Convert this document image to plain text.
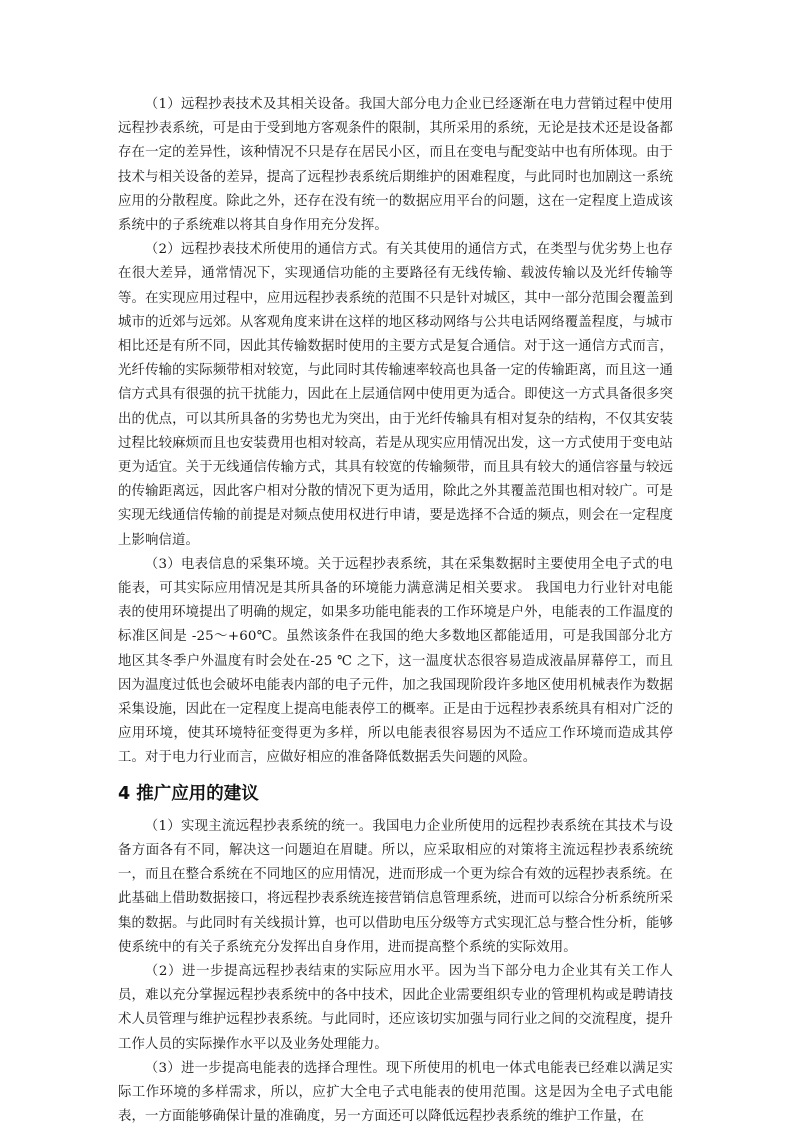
（1）远程抄表技术及其相关设备。我国大部分电力企业已经逐渐在电力营销过程中使用远程抄表系统，可是由于受到地方客观条件的限制，其所采用的系统，无论是技术还是设备都存在一定的差异性，该种情况不只是存在居民小区，而且在变电与配变站中也有所体现。由于技术与相关设备的差异，提高了远程抄表系统后期维护的困难程度，与此同时也加剧这一系统应用的分散程度。除此之外，还存在没有统一的数据应用平台的问题，这在一定程度上造成该系统中的子系统难以将其自身作用充分发挥。

（2）远程抄表技术所使用的通信方式。有关其使用的通信方式，在类型与优劣势上也存在很大差异，通常情况下，实现通信功能的主要路径有无线传输、载波传输以及光纤传输等等。在实现应用过程中，应用远程抄表系统的范围不只是针对城区，其中一部分范围会覆盖到城市的近郊与远郊。从客观角度来讲在这样的地区移动网络与公共电话网络覆盖程度，与城市相比还是有所不同，因此其传输数据时使用的主要方式是复合通信。对于这一通信方式而言，光纤传输的实际频带相对较宽，与此同时其传输速率较高也具备一定的传输距离，而且这一通信方式具有很强的抗干扰能力，因此在上层通信网中使用更为适合。即使这一方式具备很多突出的优点，可以其所具备的劣势也尤为突出，由于光纤传输具有相对复杂的结构，不仅其安装过程比较麻烦而且也安装费用也相对较高，若是从现实应用情况出发，这一方式使用于变电站更为适宜。关于无线通信传输方式，其具有较宽的传输频带，而且具有较大的通信容量与较远的传输距离远，因此客户相对分散的情况下更为适用，除此之外其覆盖范围也相对较广。可是实现无线通信传输的前提是对频点使用权进行申请，要是选择不合适的频点，则会在一定程度上影响信道。

（3）电表信息的采集环境。关于远程抄表系统，其在采集数据时主要使用全电子式的电能表，可其实际应用情况是其所具备的环境能力满意满足相关要求。 我国电力行业针对电能表的使用环境提出了明确的规定，如果多功能电能表的工作环境是户外，电能表的工作温度的标准区间是 -25～+60℃。虽然该条件在我国的绝大多数地区都能适用，可是我国部分北方地区其冬季户外温度有时会处在-25 ℃ 之下，这一温度状态很容易造成液晶屏幕停工，而且因为温度过低也会破坏电能表内部的电子元件，加之我国现阶段许多地区使用机械表作为数据采集设施，因此在一定程度上提高电能表停工的概率。正是由于远程抄表系统具有相对广泛的应用环境，使其环境特征变得更为多样，所以电能表很容易因为不适应工作环境而造成其停工。对于电力行业而言，应做好相应的准备降低数据丢失问题的风险。

4 推广应用的建议

（1）实现主流远程抄表系统的统一。我国电力企业所使用的远程抄表系统在其技术与设备方面各有不同，解决这一问题迫在眉睫。所以，应采取相应的对策将主流远程抄表系统统一，而且在整合系统在不同地区的应用情况，进而形成一个更为综合有效的远程抄表系统。在此基础上借助数据接口，将远程抄表系统连接营销信息管理系统，进而可以综合分析系统所采集的数据。与此同时有关线损计算，也可以借助电压分级等方式实现汇总与整合性分析，能够使系统中的有关子系统充分发挥出自身作用，进而提高整个系统的实际效用。

（2）进一步提高远程抄表结束的实际应用水平。因为当下部分电力企业其有关工作人员，难以充分掌握远程抄表系统中的各中技术，因此企业需要组织专业的管理机构或是聘请技术人员管理与维护远程抄表系统。与此同时，还应该切实加强与同行业之间的交流程度，提升工作人员的实际操作水平以及业务处理能力。

（3）进一步提高电能表的选择合理性。现下所使用的机电一体式电能表已经难以满足实际工作环境的多样需求，所以，应扩大全电子式电能表的使用范围。这是因为全电子式电能表，一方面能够确保计量的准确度，另一方面还可以降低远程抄表系统的维护工作量，在
